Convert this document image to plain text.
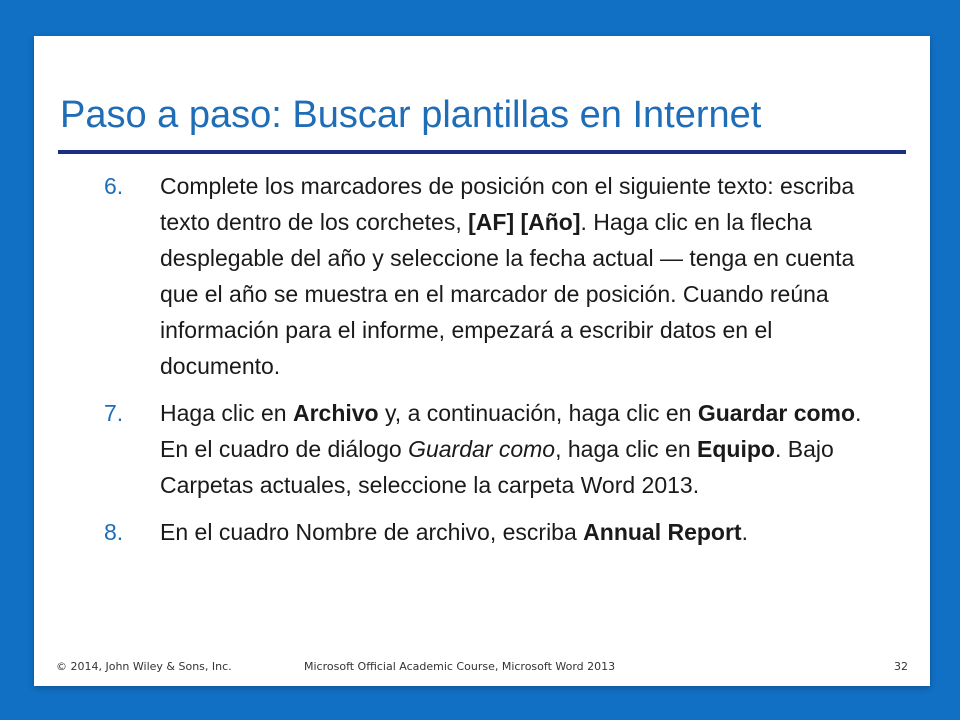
Paso a paso: Buscar plantillas en Internet
6. Complete los marcadores de posición con el siguiente texto: escriba texto dentro de los corchetes, [AF] [Año]. Haga clic en la flecha desplegable del año y seleccione la fecha actual — tenga en cuenta que el año se muestra en el marcador de posición. Cuando reúna información para el informe, empezará a escribir datos en el documento.
7. Haga clic en Archivo y, a continuación, haga clic en Guardar como. En el cuadro de diálogo Guardar como, haga clic en Equipo. Bajo Carpetas actuales, seleccione la carpeta Word 2013.
8. En el cuadro Nombre de archivo, escriba Annual Report.
© 2014, John Wiley & Sons, Inc.	Microsoft Official Academic Course, Microsoft Word 2013	32
